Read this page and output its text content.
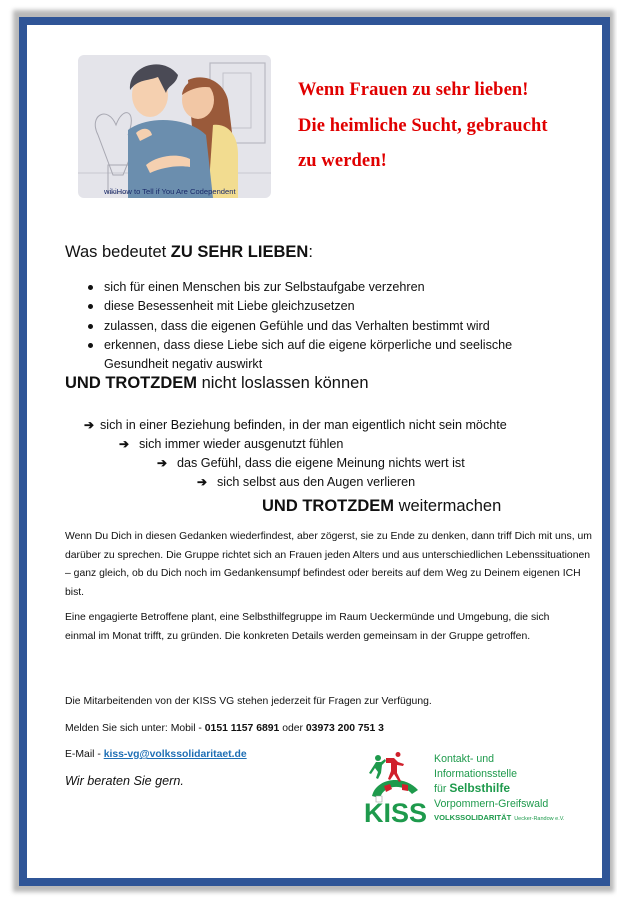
wikiHow to Tell if You Are Codependent
Wenn Frauen zu sehr lieben!
Die heimliche Sucht, gebraucht
zu werden!
Was bedeutet ZU SEHR LIEBEN:
sich für einen Menschen bis zur Selbstaufgabe verzehren
diese Besessenheit mit Liebe gleichzusetzen
zulassen, dass die eigenen Gefühle und das Verhalten bestimmt wird
erkennen, dass diese Liebe sich auf die eigene körperliche und seelische Gesundheit negativ auswirkt
UND TROTZDEM nicht loslassen können
➔ sich in einer Beziehung befinden, in der man eigentlich nicht sein möchte
➔ sich immer wieder ausgenutzt fühlen
➔ das Gefühl, dass die eigene Meinung nichts wert ist
➔ sich selbst aus den Augen verlieren
UND TROTZDEM weitermachen
Wenn Du Dich in diesen Gedanken wiederfindest, aber zögerst, sie zu Ende zu denken, dann triff Dich mit uns, um darüber zu sprechen. Die Gruppe richtet sich an Frauen jeden Alters und aus unterschiedlichen Lebenssituationen – ganz gleich, ob du Dich noch im Gedankensumpf befindest oder bereits auf dem Weg zu Deinem eigenen ICH bist.
Eine engagierte Betroffene plant, eine Selbsthilfegruppe im Raum Ueckermünde und Umgebung, die sich einmal im Monat trifft, zu gründen. Die konkreten Details werden gemeinsam in der Gruppe getroffen.
Die Mitarbeitenden von der KISS VG stehen jederzeit für Fragen zur Verfügung.
Melden Sie sich unter: Mobil - 0151 1157 6891 oder 03973 200 751 3
E-Mail - kiss-vg@volkssolidaritaet.de
Wir beraten Sie gern.
KISS
Kontakt- und
Informationsstelle
für Selbsthilfe
Vorpommern-Greifswald
VOLKSSOLIDARITÄT Uecker-Randow e.V.
